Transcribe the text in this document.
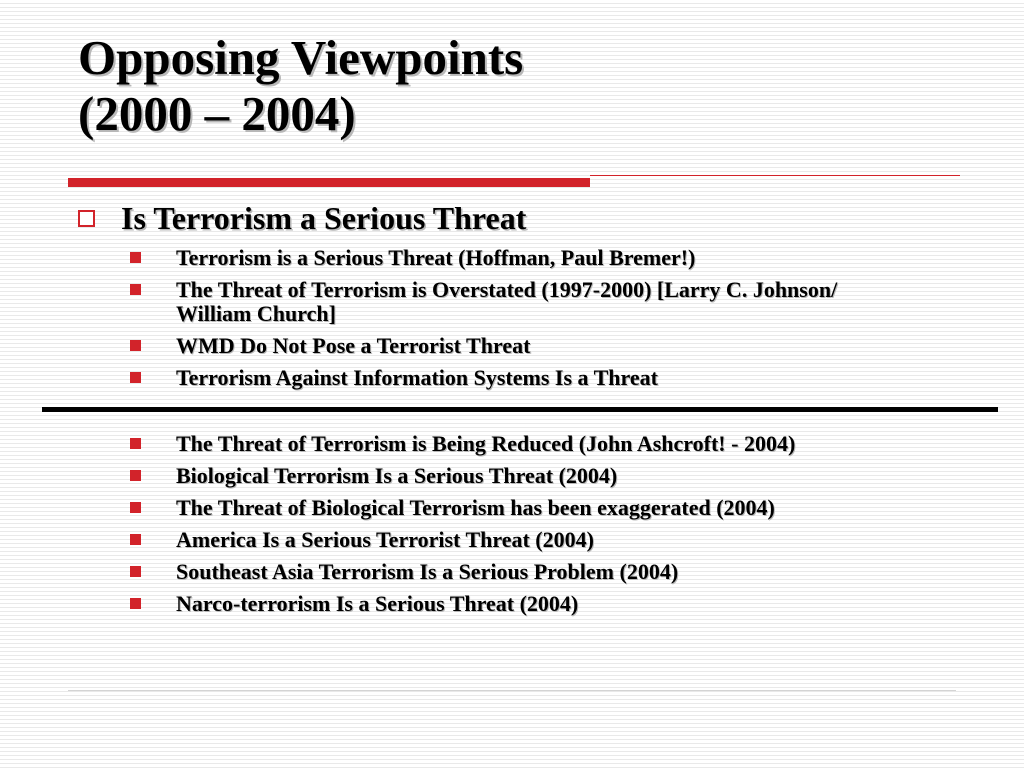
Opposing Viewpoints
(2000 – 2004)
Is Terrorism a Serious Threat
Terrorism is a Serious Threat (Hoffman, Paul Bremer!)
The Threat of Terrorism is Overstated (1997-2000) [Larry C. Johnson/ William Church]
WMD Do Not Pose a Terrorist Threat
Terrorism Against Information Systems Is a Threat
The Threat of Terrorism is Being Reduced (John Ashcroft! - 2004)
Biological Terrorism Is a Serious Threat (2004)
The Threat of Biological Terrorism has been exaggerated (2004)
America Is a Serious Terrorist Threat (2004)
Southeast Asia Terrorism Is a Serious Problem (2004)
Narco-terrorism Is a Serious Threat (2004)
